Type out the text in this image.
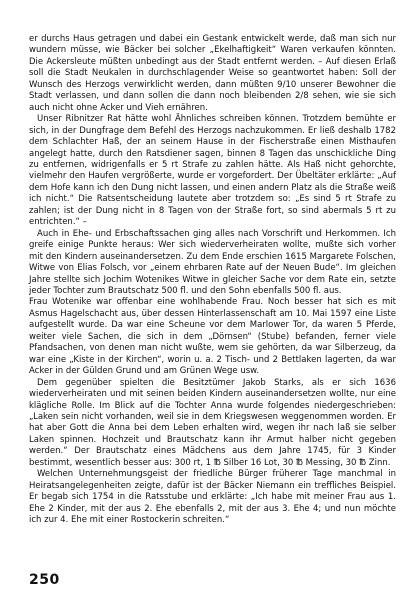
er durchs Haus getragen und dabei ein Gestank entwickelt werde, daß man sich nur wundern müsse, wie Bäcker bei solcher „Ekelhaftigkeit“ Waren verkaufen könnten. Die Ackersleute müßten unbedingt aus der Stadt entfernt werden. – Auf diesen Erlaß soll die Stadt Neukalen in durchschlagender Weise so geantwortet haben: Soll der Wunsch des Herzogs verwirklicht werden, dann müßten 9/10 unserer Bewohner die Stadt verlassen, und dann sollen die dann noch bleibenden 2/8 sehen, wie sie sich auch nicht ohne Acker und Vieh ernähren.

Unser Ribnitzer Rat hätte wohl Ähnliches schreiben können. Trotzdem bemühte er sich, in der Dungfrage dem Befehl des Herzogs nachzukommen. Er ließ deshalb 1782 dem Schlachter Haß, der an seinem Hause in der Fischerstraße einen Misthaufen angelegt hatte, durch den Ratsdiener sagen, binnen 8 Tagen das unschickliche Ding zu entfernen, widrigenfalls er 5 rt Strafe zu zahlen hätte. Als Haß nicht gehorchte, vielmehr den Haufen vergrößerte, wurde er vorgefordert. Der Übeltäter erklärte: „Auf dem Hofe kann ich den Dung nicht lassen, und einen andern Platz als die Straße weiß ich nicht.“ Die Ratsentscheidung lautete aber trotzdem so: „Es sind 5 rt Strafe zu zahlen; ist der Dung nicht in 8 Tagen von der Straße fort, so sind abermals 5 rt zu entrichten.“ –

Auch in Ehe- und Erbschaftssachen ging alles nach Vorschrift und Herkommen. Ich greife einige Punkte heraus: Wer sich wiederverheiraten wollte, mußte sich vorher mit den Kindern auseinandersetzen. Zu dem Ende erschien 1615 Margarete Folschen, Witwe von Elias Folsch, vor „einem ehrbaren Rate auf der Neuen Bude“. Im gleichen Jahre stellte sich Jochim Wotenikes Witwe in gleicher Sache vor dem Rate ein, setzte jeder Tochter zum Brautschatz 500 fl. und den Sohn ebenfalls 500 fl. aus.

Frau Wotenike war offenbar eine wohlhabende Frau. Noch besser hat sich es mit Asmus Hagelschacht aus, über dessen Hinterlassenschaft am 10. Mai 1597 eine Liste aufgestellt wurde. Da war eine Scheune vor dem Marlower Tor, da waren 5 Pferde, weiter viele Sachen, die sich in dem „Dörnsen“ (Stube) befanden, ferner viele Pfandsachen, von denen man nicht wußte, wem sie gehörten, da war Silberzeug, da war eine „Kiste in der Kirchen“, worin u. a. 2 Tisch- und 2 Bettlaken lagerten, da war Acker in der Gülden Grund und am Grünen Wege usw.

Dem gegenüber spielten die Besitztümer Jakob Starks, als er sich 1636 wiederverheiraten und mit seinen beiden Kindern auseinandersetzen wollte, nur eine klägliche Rolle. Im Blick auf die Tochter Anna wurde folgendes niedergeschrieben: „Laken sein nicht vorhanden, weil sie in dem Kriegswesen weggenommen worden. Er hat aber Gott die Anna bei dem Leben erhalten wird, wegen ihr nach laß sie selber Laken spinnen. Hochzeit und Brautschatz kann ihr Armut halber nicht gegeben werden.“ Der Brautschatz eines Mädchens aus dem Jahre 1745, für 3 Kinder bestimmt, wesentlich besser aus: 300 rt, 1 ℔ Silber 16 Lot, 30 ℔ Messing, 30 ℔ Zinn.

Welchen Unternehmungsgeist der friedliche Bürger früherer Tage manchmal in Heiratsangelegenheiten zeigte, dafür ist der Bäcker Niemann ein treffliches Beispiel. Er begab sich 1754 in die Ratsstube und erklärte: „Ich habe mit meiner Frau aus 1. Ehe 2 Kinder, mit der aus 2. Ehe ebenfalls 2, mit der aus 3. Ehe 4; und nun möchte ich zur 4. Ehe mit einer Rostockerin schreiten.“

250
